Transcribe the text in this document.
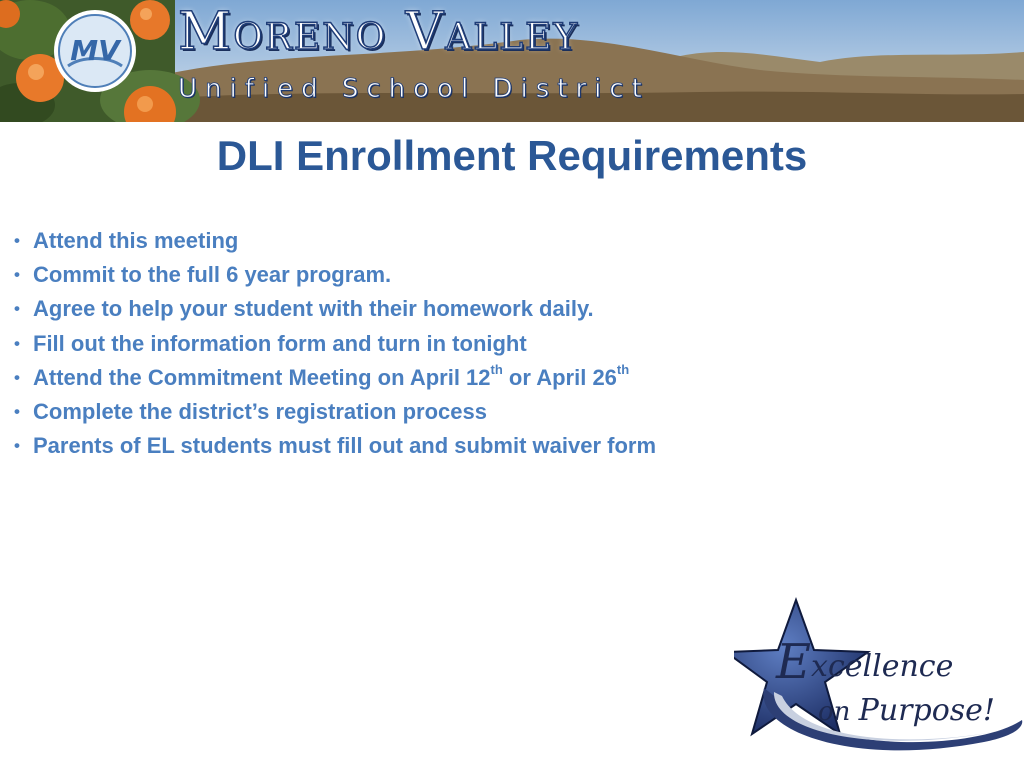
MV Moreno Valley
Unified School District
DLI Enrollment Requirements
• Attend this meeting
• Commit to the full 6 year program.
• Agree to help your student with their homework daily.
• Fill out the information form and turn in tonight
• Attend the Commitment Meeting on April 12th or April 26th
• Complete the district’s registration process
• Parents of EL students must fill out and submit waiver form
Excellence
on Purpose!
